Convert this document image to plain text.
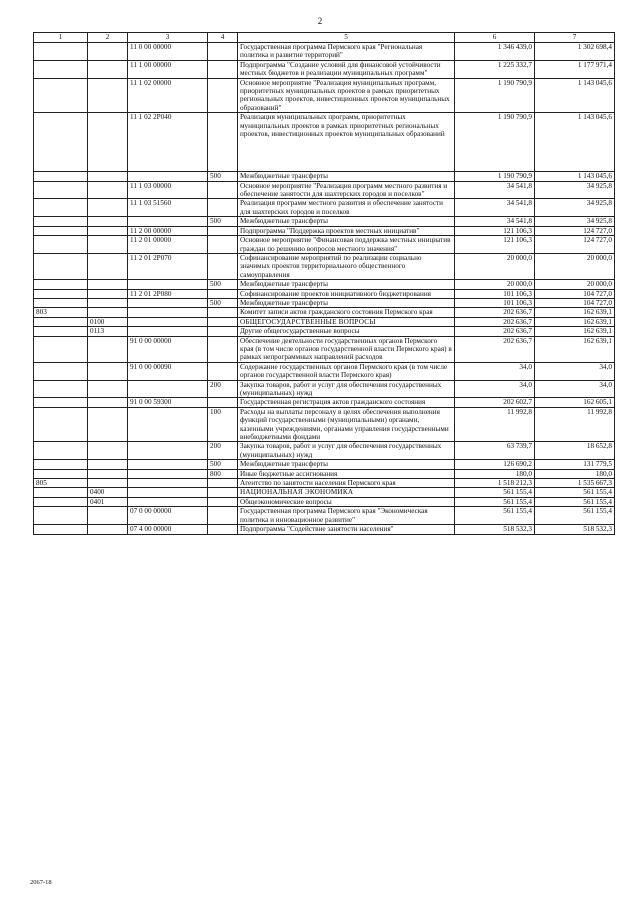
2
1	2	3	4	5	6	7
		11 0 00 00000		Государственная программа Пермского края "Региональная политика и развитие территорий"	1 346 439,0	1 302 698,4
		11 1 00 00000		Подпрограмма "Создание условий для финансовой устойчивости местных бюджетов и реализации муниципальных программ"	1 225 332,7	1 177 971,4
		11 1 02 00000		Основное мероприятие "Реализация муниципальных программ, приоритетных муниципальных проектов в рамках приоритетных региональных проектов, инвестиционных проектов муниципальных образований"	1 190 790,9	1 143 045,6
		11 1 02 2Р040		Реализация муниципальных программ, приоритетных муниципальных проектов в рамках приоритетных региональных проектов, инвестиционных проектов муниципальных образований	1 190 790,9	1 143 045,6
			500	Межбюджетные трансферты	1 190 790,9	1 143 045,6
		11 1 03 00000		Основное мероприятие "Реализация программ местного развития и обеспечение занятости для шахтерских городов и поселков"	34 541,8	34 925,8
		11 1 03 51560		Реализация программ местного развития и обеспечение занятости для шахтерских городов и поселков	34 541,8	34 925,8
			500	Межбюджетные трансферты	34 541,8	34 925,8
		11 2 00 00000		Подпрограмма "Поддержка проектов местных инициатив"	121 106,3	124 727,0
		11 2 01 00000		Основное мероприятие "Финансовая поддержка местных инициатив граждан по решению вопросов местного значения"	121 106,3	124 727,0
		11 2 01 2Р070		Софинансирование мероприятий по реализации социально значимых проектов территориального общественного самоуправления	20 000,0	20 000,0
			500	Межбюджетные трансферты	20 000,0	20 000,0
		11 2 01 2Р080		Софинансирование проектов инициативного бюджетирования	101 106,3	104 727,0
			500	Межбюджетные трансферты	101 106,3	104 727,0
803				Комитет записи актов гражданского состояния Пермского края	202 636,7	162 639,1
	0100			ОБЩЕГОСУДАРСТВЕННЫЕ ВОПРОСЫ	202 636,7	162 639,1
	0113			Другие общегосударственные вопросы	202 636,7	162 639,1
		91 0 00 00000		Обеспечение деятельности государственных органов Пермского края (в том числе органов государственной власти Пермского края) в рамках непрограммных направлений расходов	202 636,7	162 639,1
		91 0 00 00090		Содержание государственных органов Пермского края (в том числе органов государственной власти Пермского края)	34,0	34,0
			200	Закупка товаров, работ и услуг для обеспечения государственных (муниципальных) нужд	34,0	34,0
		91 0 00 59300		Государственная регистрация актов гражданского состояния	202 602,7	162 605,1
			100	Расходы на выплаты персоналу в целях обеспечения выполнения функций государственными (муниципальными) органами, казенными учреждениями, органами управления государственными внебюджетными фондами	11 992,8	11 992,8
			200	Закупка товаров, работ и услуг для обеспечения государственных (муниципальных) нужд	63 739,7	18 652,8
			500	Межбюджетные трансферты	126 690,2	131 779,5
			800	Иные бюджетные ассигнования	180,0	180,0
805				Агентство по занятости населения Пермского края	1 518 212,3	1 535 667,3
	0400			НАЦИОНАЛЬНАЯ ЭКОНОМИКА	561 155,4	561 155,4
	0401			Общеэкономические вопросы	561 155,4	561 155,4
		07 0 00 00000		Государственная программа Пермского края "Экономическая политика и инновационное развитие"	561 155,4	561 155,4
		07 4 00 00000		Подпрограмма "Содействие занятости населения"	518 532,3	518 532,3
2067-18
